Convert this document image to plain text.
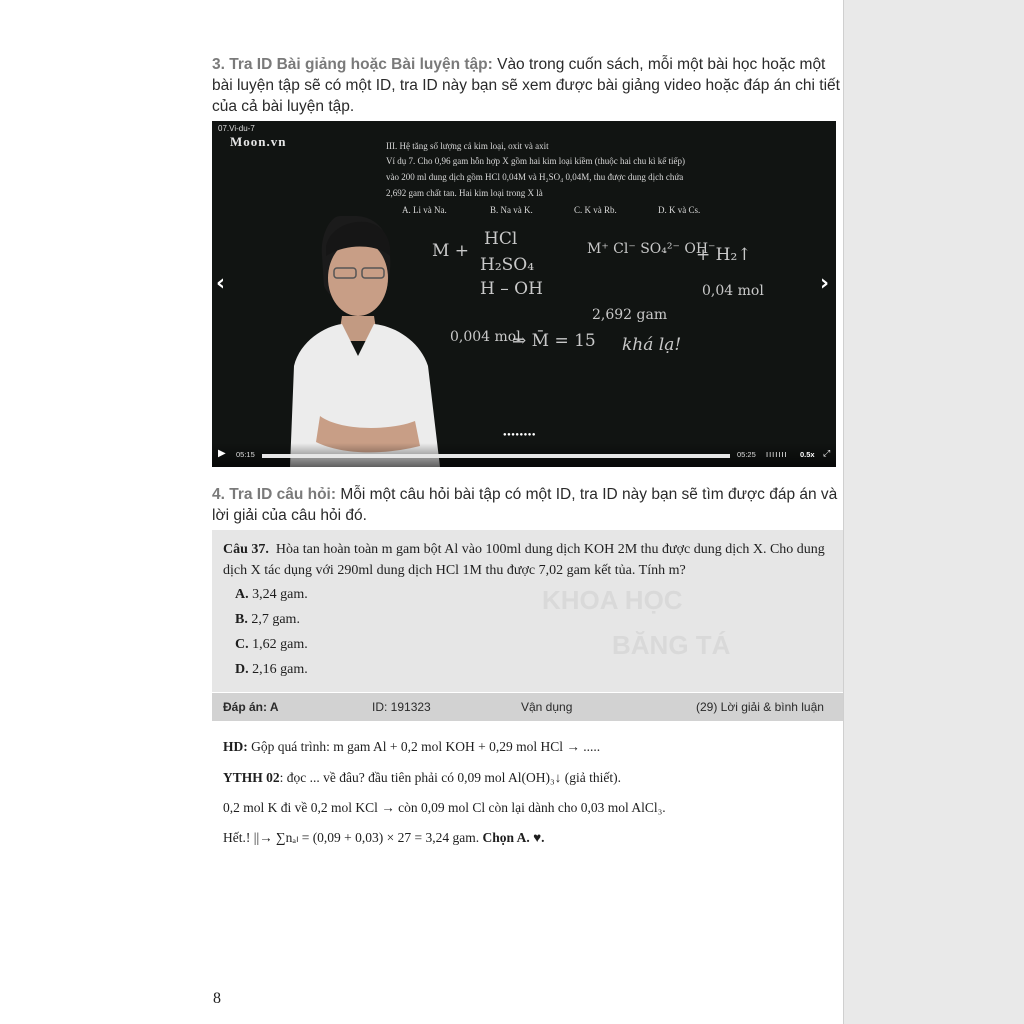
3. Tra ID Bài giảng hoặc Bài luyện tập: Vào trong cuốn sách, mỗi một bài học hoặc một bài luyện tập sẽ có một ID, tra ID này bạn sẽ xem được bài giảng video hoặc đáp án chi tiết của cả bài luyện tập.
07.Vi-du-7
Moon.vn	III. Hệ tăng số lượng cả kim loại, oxit và axit
Ví dụ 7. Cho 0,96 gam hỗn hợp X gồm hai kim loại kiềm (thuộc hai chu kì kế tiếp)
vào 200 ml dung dịch gồm HCl 0,04M và H₂SO₄ 0,04M, thu được dung dịch chứa
2,692 gam chất tan. Hai kim loại trong X là
A. Li và Na.	B. Na và K.	C. K và Rb.	D. K và Cs.
M +
HCl
H₂SO₄
H – OH
M⁺ Cl⁻ SO₄²⁻ OH⁻
+ H₂↑
0,04 mol
2,692 gam
0,004 mol
⇒ M̄ = 15 khá lạ!
‹	›
●●●●●●●●
▶ 05:15	05:25 IIIIIII 0.5x ⤢
4. Tra ID câu hỏi: Mỗi một câu hỏi bài tập có một ID, tra ID này bạn sẽ tìm được đáp án và lời giải của câu hỏi đó.
KHOA HỌC
BĂNG TÁ
Câu 37. Hòa tan hoàn toàn m gam bột Al vào 100ml dung dịch KOH 2M thu được dung dịch X. Cho dung dịch X tác dụng với 290ml dung dịch HCl 1M thu được 7,02 gam kết tủa. Tính m?
A. 3,24 gam.
B. 2,7 gam.
C. 1,62 gam.
D. 2,16 gam.
Đáp án: A	ID: 191323	Vận dụng	(29) Lời giải & bình luận
HD: Gộp quá trình: m gam Al + 0,2 mol KOH + 0,29 mol HCl → .....
YTHH 02: đọc ... về đâu? đầu tiên phải có 0,09 mol Al(OH)₃↓ (giả thiết).
0,2 mol K đi về 0,2 mol KCl → còn 0,09 mol Cl còn lại dành cho 0,03 mol AlCl₃.
Hết.! ||→ ∑nₐₗ = (0,09 + 0,03) × 27 = 3,24 gam. Chọn A. ♥.
8
